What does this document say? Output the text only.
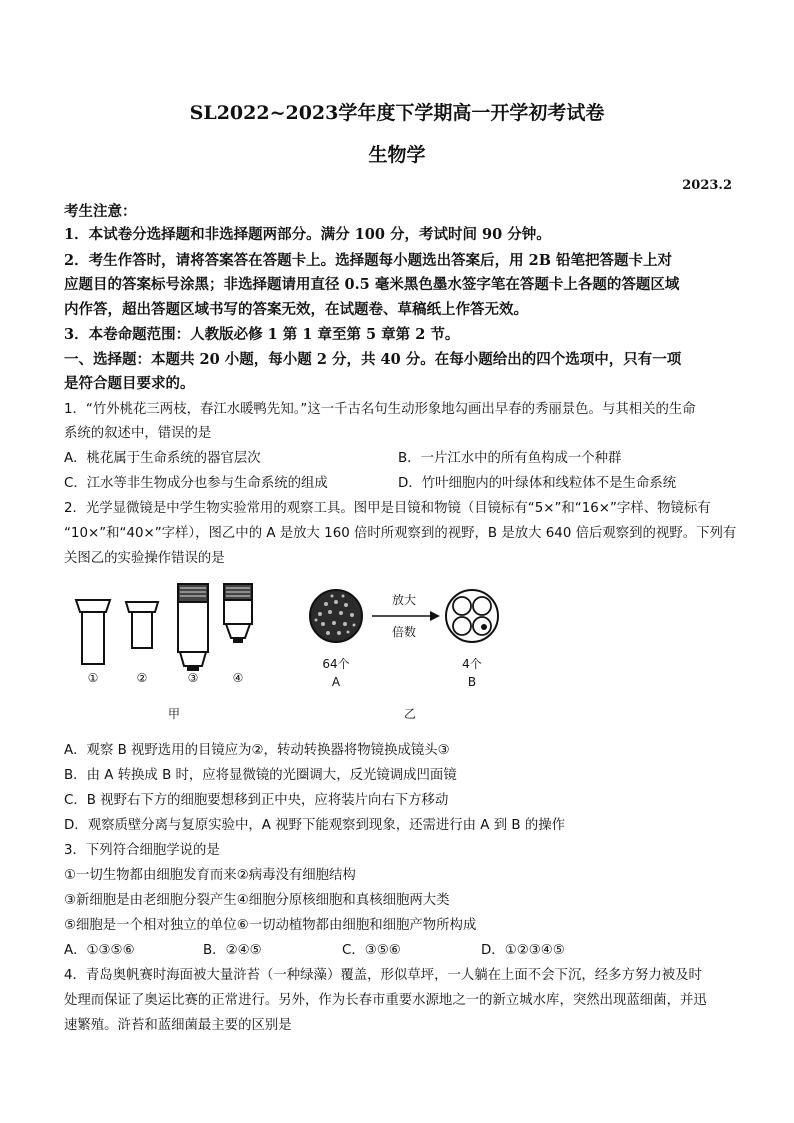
SL2022~2023学年度下学期高一开学初考试卷
生物学
2023.2
考生注意：
1．本试卷分选择题和非选择题两部分。满分 100 分，考试时间 90 分钟。
2．考生作答时，请将答案答在答题卡上。选择题每小题选出答案后，用 2B 铅笔把答题卡上对
应题目的答案标号涂黑；非选择题请用直径 0.5 毫米黑色墨水签字笔在答题卡上各题的答题区域
内作答，超出答题区域书写的答案无效，在试题卷、草稿纸上作答无效。
3．本卷命题范围：人教版必修 1 第 1 章至第 5 章第 2 节。
一、选择题：本题共 20 小题，每小题 2 分，共 40 分。在每小题给出的四个选项中，只有一项
是符合题目要求的。
1．“竹外桃花三两枝，春江水暖鸭先知。”这一千古名句生动形象地勾画出早春的秀丽景色。与其相关的生命
系统的叙述中，错误的是
A．桃花属于生命系统的器官层次	B．一片江水中的所有鱼构成一个种群
C．江水等非生物成分也参与生命系统的组成	D．竹叶细胞内的叶绿体和线粒体不是生命系统
2．光学显微镜是中学生物实验常用的观察工具。图甲是目镜和物镜（目镜标有“5×”和“16×”字样、物镜标有
“10×”和“40×”字样），图乙中的 A 是放大 160 倍时所观察到的视野，B 是放大 640 倍后观察到的视野。下列有
关图乙的实验操作错误的是
①	②	③	④
甲
64个
A
放大
倍数
4个
B
乙
A．观察 B 视野选用的目镜应为②，转动转换器将物镜换成镜头③
B．由 A 转换成 B 时，应将显微镜的光圈调大，反光镜调成凹面镜
C．B 视野右下方的细胞要想移到正中央，应将装片向右下方移动
D．观察质壁分离与复原实验中，A 视野下能观察到现象，还需进行由 A 到 B 的操作
3．下列符合细胞学说的是
①一切生物都由细胞发育而来②病毒没有细胞结构
③新细胞是由老细胞分裂产生④细胞分原核细胞和真核细胞两大类
⑤细胞是一个相对独立的单位⑥一切动植物都由细胞和细胞产物所构成
A．①③⑤⑥	B．②④⑤	C．③⑤⑥	D．①②③④⑤
4．青岛奥帆赛时海面被大量浒苔（一种绿藻）覆盖，形似草坪，一人躺在上面不会下沉，经多方努力被及时
处理而保证了奥运比赛的正常进行。另外，作为长春市重要水源地之一的新立城水库，突然出现蓝细菌，并迅
速繁殖。浒苔和蓝细菌最主要的区别是
